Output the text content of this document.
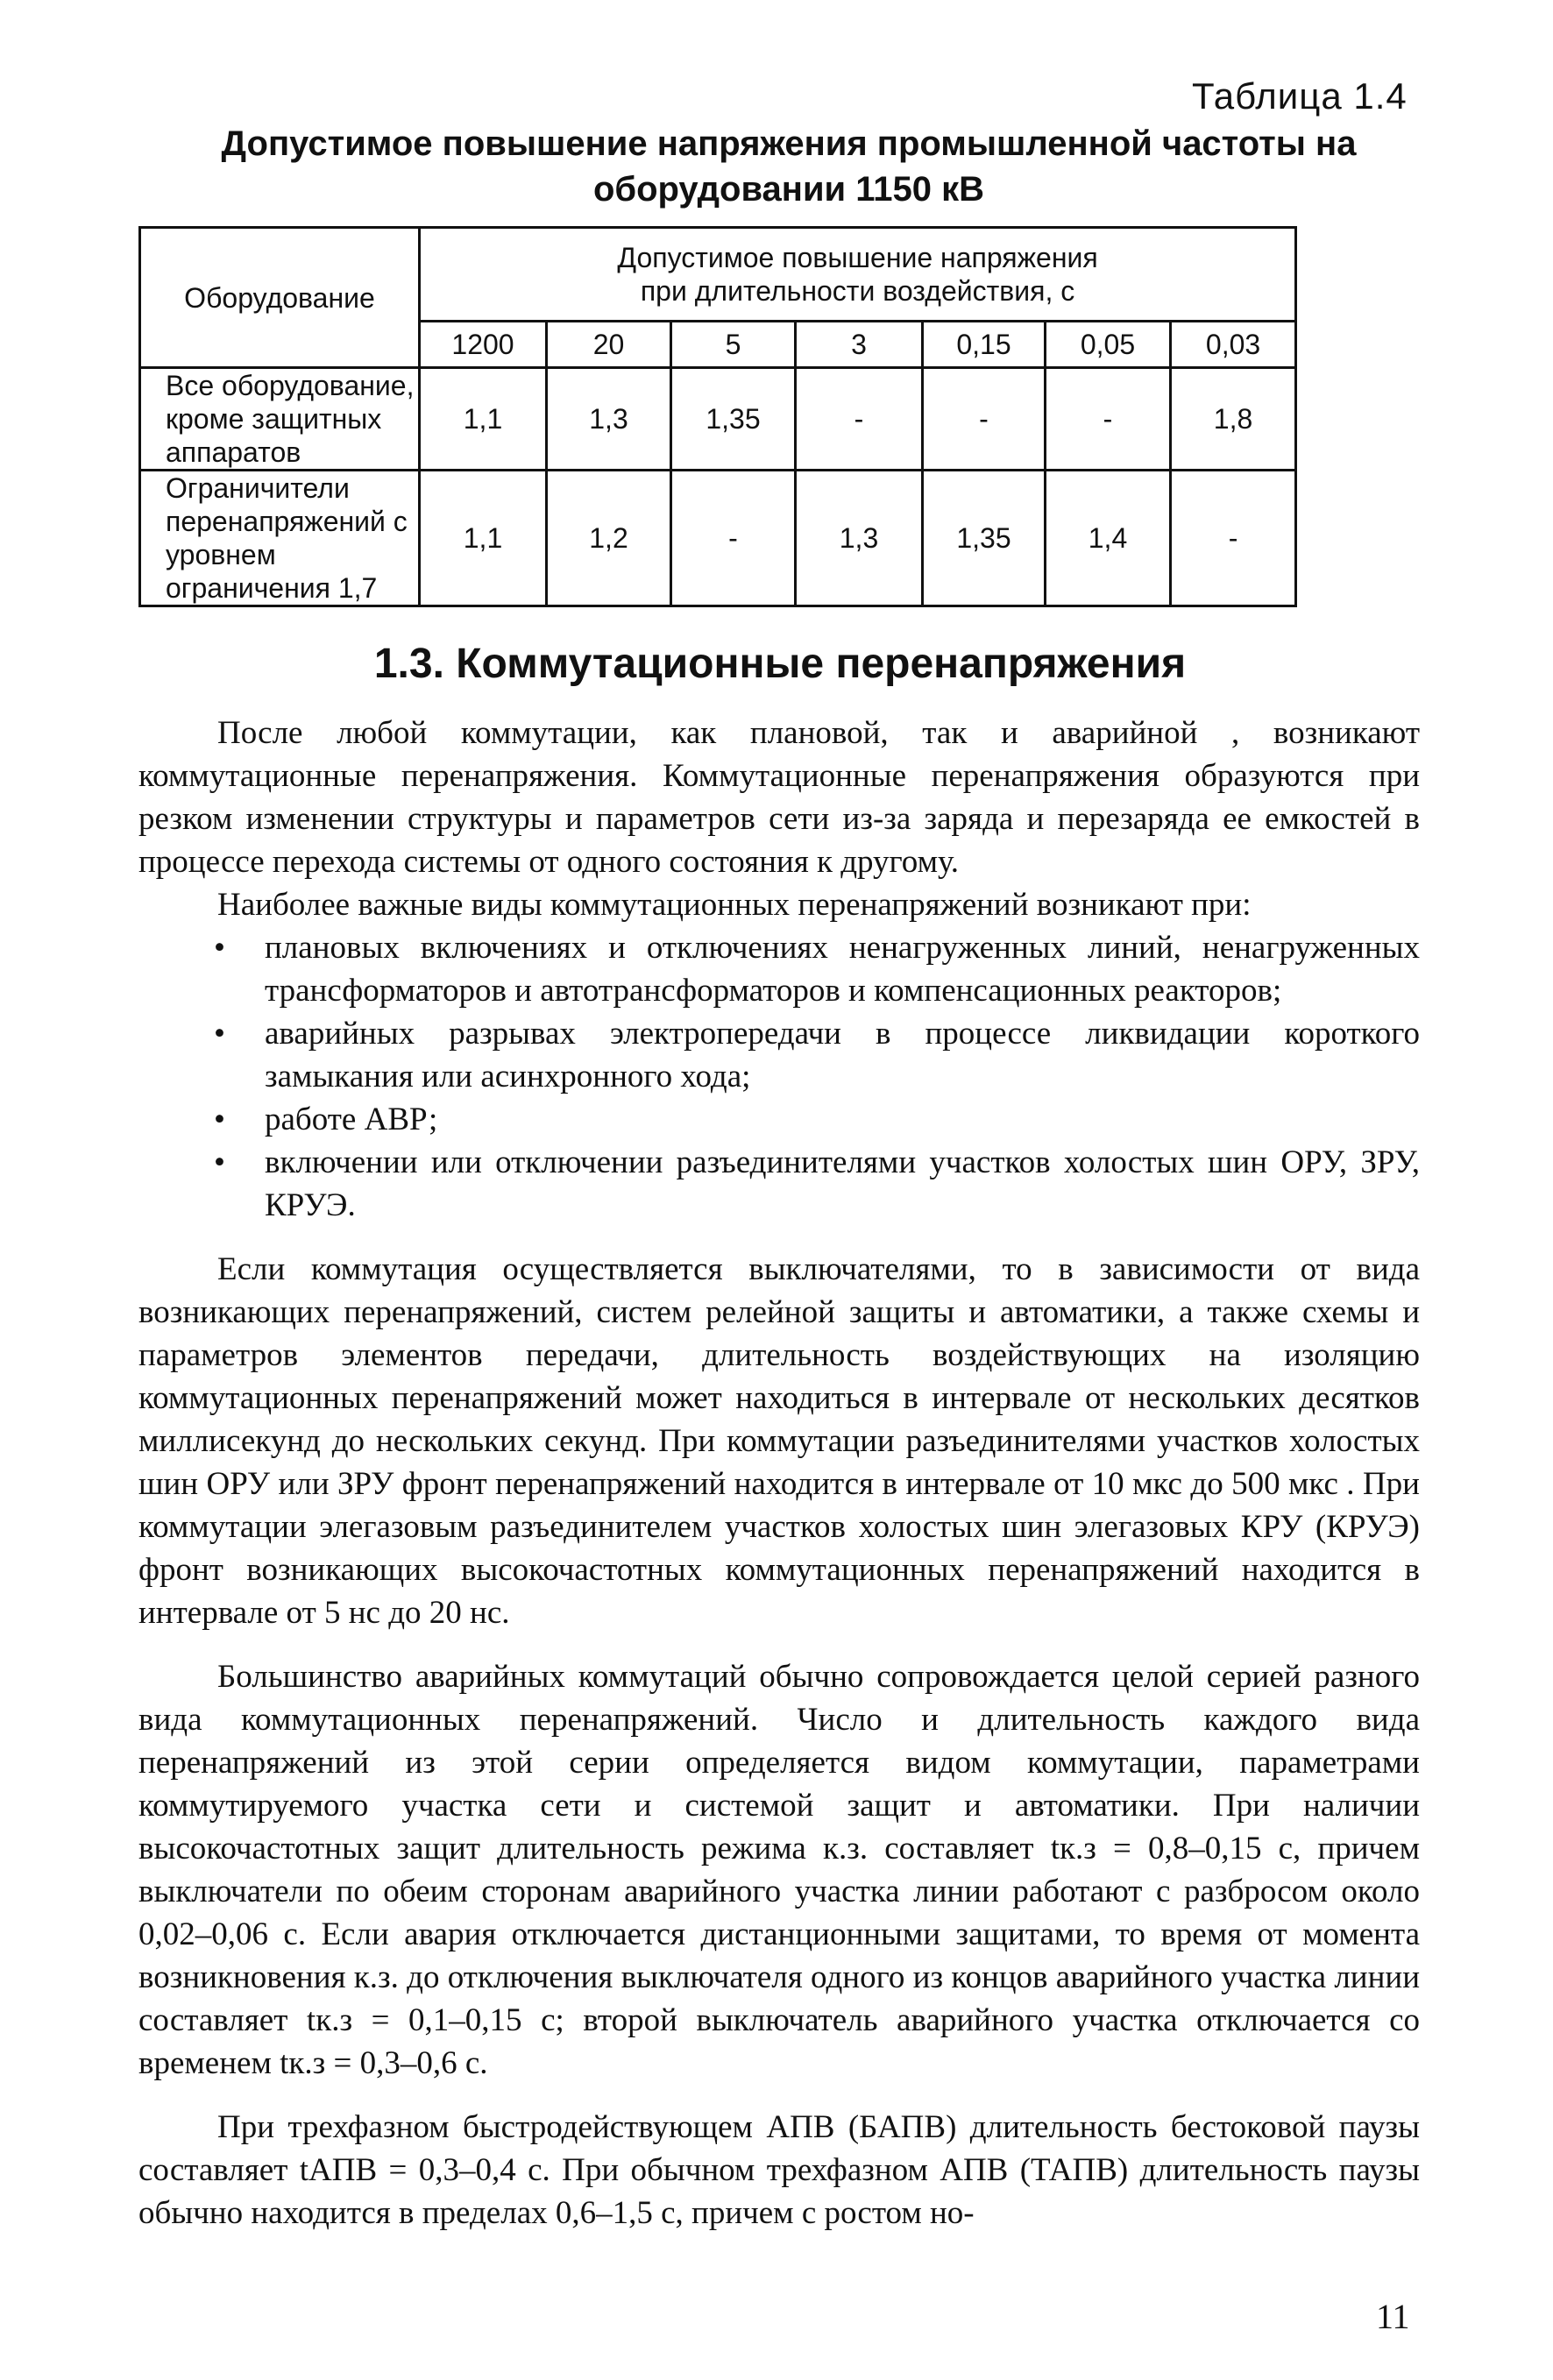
Таблица 1.4
Допустимое повышение напряжения промышленной частоты на оборудовании 1150 кВ
Оборудование	Допустимое повышение напряжения при длительности воздействия, с						
	1200	20	5	3	0,15	0,05	0,03
Все оборудование, кроме защитных аппаратов	1,1	1,3	1,35	-	-	-	1,8
Ограничители перенапряжений с уровнем ограничения 1,7	1,1	1,2	-	1,3	1,35	1,4	-
1.3. Коммутационные перенапряжения

После любой коммутации, как плановой, так и аварийной , возникают коммутационные перенапряжения. Коммутационные перенапряжения образуются при резком изменении структуры и параметров сети из-за заряда и перезаряда ее емкостей в процессе перехода системы от одного состояния к другому.

Наиболее важные виды коммутационных перенапряжений возникают при:

• плановых включениях и отключениях ненагруженных линий, ненагруженных трансформаторов и автотрансформаторов и компенсационных реакторов;
• аварийных разрывах электропередачи в процессе ликвидации короткого замыкания или асинхронного хода;
• работе АВР;
• включении или отключении разъединителями участков холостых шин ОРУ, ЗРУ, КРУЭ.

Если коммутация осуществляется выключателями, то в зависимости от вида возникающих перенапряжений, систем релейной защиты и автоматики, а также схемы и параметров элементов передачи, длительность воздействующих на изоляцию коммутационных перенапряжений может находиться в интервале от нескольких десятков миллисекунд до нескольких секунд. При коммутации разъединителями участков холостых шин ОРУ или ЗРУ фронт перенапряжений находится в интервале от 10 мкс до 500 мкс . При коммутации элегазовым разъединителем участков холостых шин элегазовых КРУ (КРУЭ) фронт возникающих высокочастотных коммутационных перенапряжений находится в интервале от 5 нс до 20 нс.

Большинство аварийных коммутаций обычно сопровождается целой серией разного вида коммутационных перенапряжений. Число и длительность каждого вида перенапряжений из этой серии определяется видом коммутации, параметрами коммутируемого участка сети и системой защит и автоматики. При наличии высокочастотных защит длительность режима к.з. составляет tк.з = 0,8–0,15 с, причем выключатели по обеим сторонам аварийного участка линии работают с разбросом около 0,02–0,06 с. Если авария отключается дистанционными защитами, то время от момента возникновения к.з. до отключения выключателя одного из концов аварийного участка линии составляет tк.з = 0,1–0,15 с; второй выключатель аварийного участка отключается со временем tк.з = 0,3–0,6 с.

При трехфазном быстродействующем АПВ (БАПВ) длительность бестоковой паузы составляет tАПВ = 0,3–0,4 с. При обычном трехфазном АПВ (ТАПВ) длительность паузы обычно находится в пределах 0,6–1,5 с, причем с ростом но-

11
